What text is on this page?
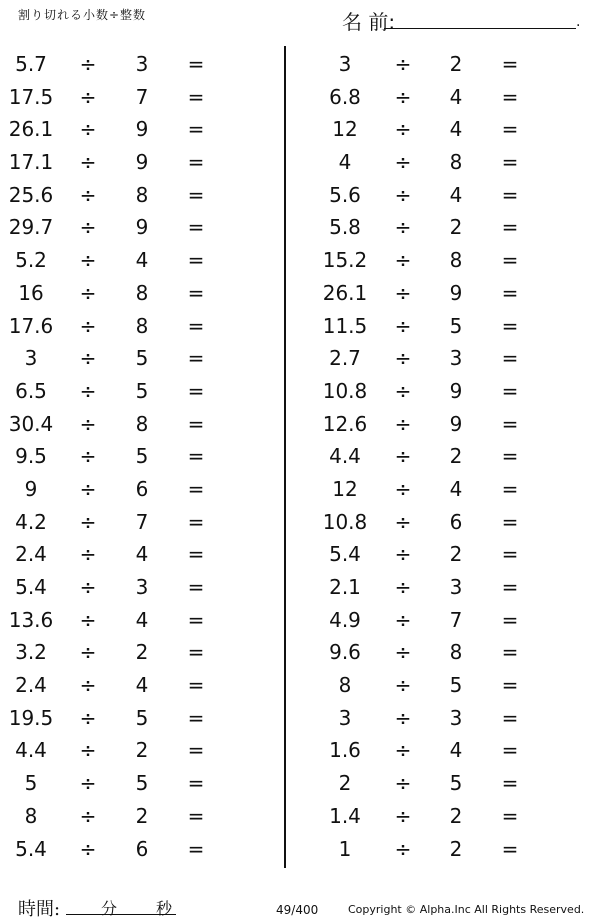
割り切れる小数÷整数	名 前:	.
5.7 ÷ 3 =
17.5 ÷ 7 =
26.1 ÷ 9 =
17.1 ÷ 9 =
25.6 ÷ 8 =
29.7 ÷ 9 =
5.2 ÷ 4 =
16 ÷ 8 =
17.6 ÷ 8 =
3 ÷ 5 =
6.5 ÷ 5 =
30.4 ÷ 8 =
9.5 ÷ 5 =
9 ÷ 6 =
4.2 ÷ 7 =
2.4 ÷ 4 =
5.4 ÷ 3 =
13.6 ÷ 4 =
3.2 ÷ 2 =
2.4 ÷ 4 =
19.5 ÷ 5 =
4.4 ÷ 2 =
5 ÷ 5 =
8 ÷ 2 =
5.4 ÷ 6 =
3 ÷ 2 =
6.8 ÷ 4 =
12 ÷ 4 =
4 ÷ 8 =
5.6 ÷ 4 =
5.8 ÷ 2 =
15.2 ÷ 8 =
26.1 ÷ 9 =
11.5 ÷ 5 =
2.7 ÷ 3 =
10.8 ÷ 9 =
12.6 ÷ 9 =
4.4 ÷ 2 =
12 ÷ 4 =
10.8 ÷ 6 =
5.4 ÷ 2 =
2.1 ÷ 3 =
4.9 ÷ 7 =
9.6 ÷ 8 =
8 ÷ 5 =
3 ÷ 3 =
1.6 ÷ 4 =
2 ÷ 5 =
1.4 ÷ 2 =
1 ÷ 2 =
時間:	分 秒	49/400	Copyright © Alpha.Inc All Rights Reserved.
